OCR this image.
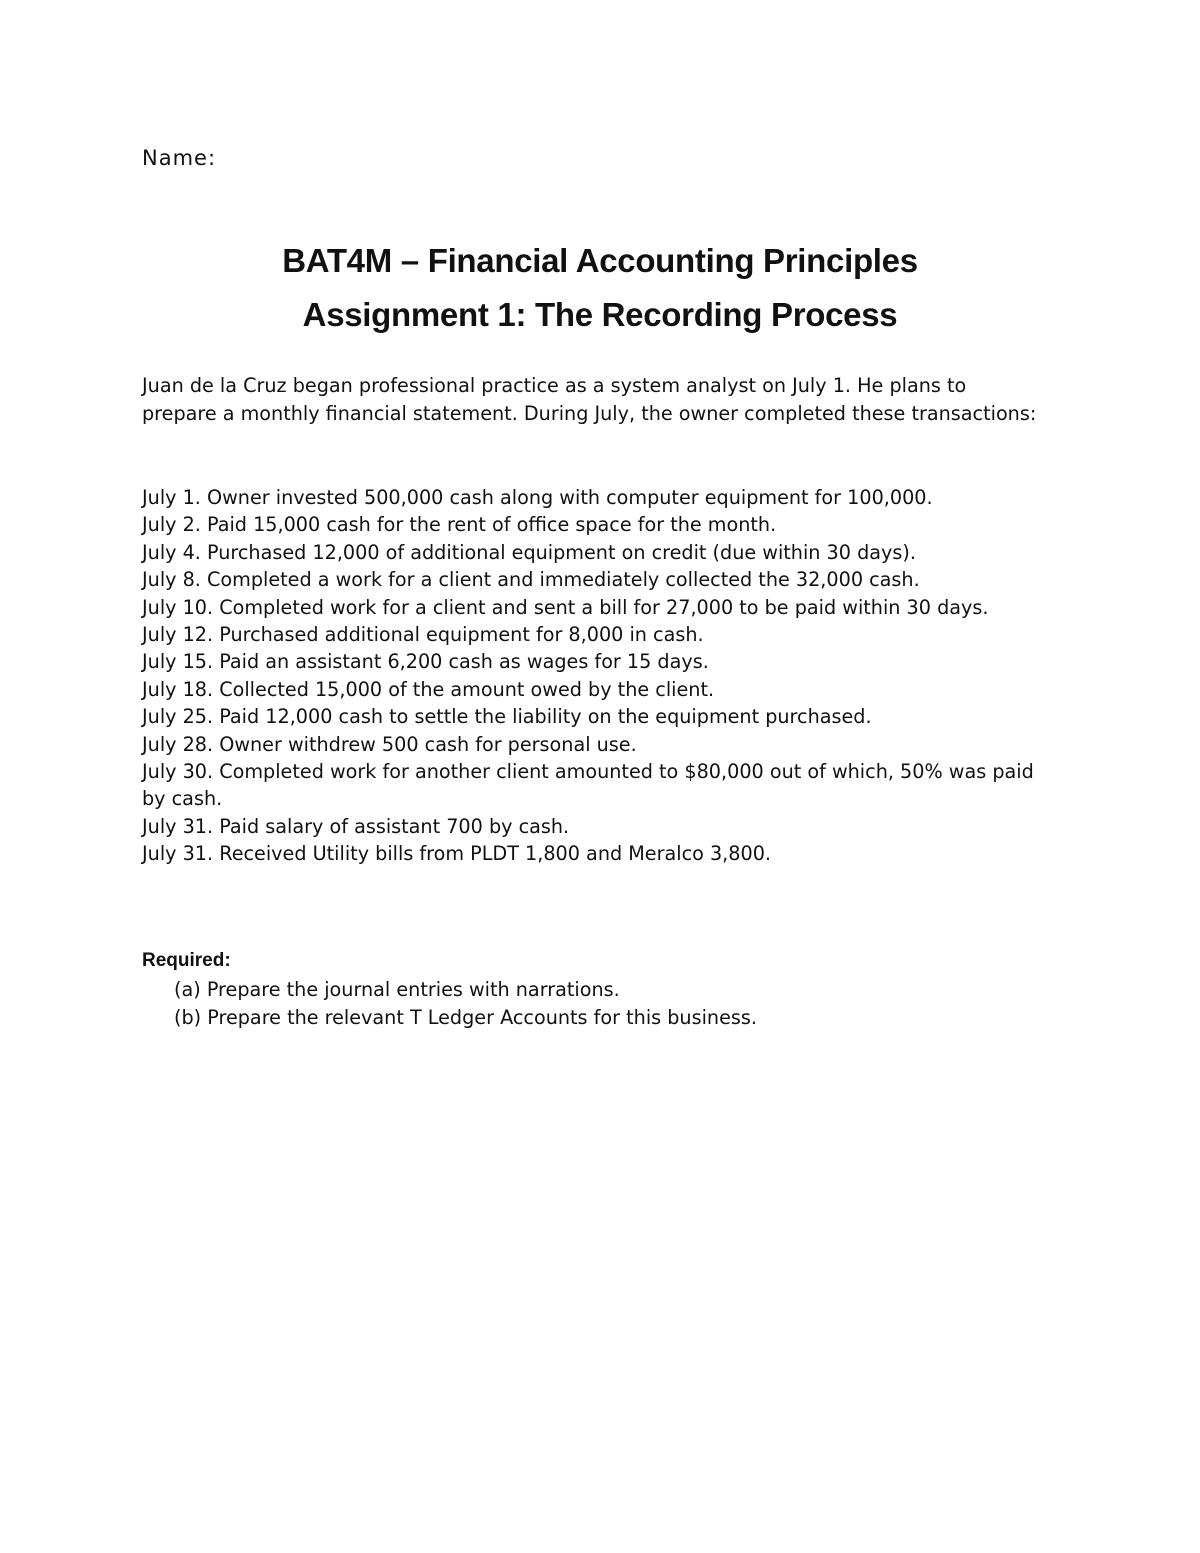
Name:
BAT4M – Financial Accounting Principles
Assignment 1: The Recording Process
Juan de la Cruz began professional practice as a system analyst on July 1. He plans to prepare a monthly financial statement. During July, the owner completed these transactions:
July 1. Owner invested 500,000 cash along with computer equipment for 100,000.
July 2. Paid 15,000 cash for the rent of office space for the month.
July 4. Purchased 12,000 of additional equipment on credit (due within 30 days).
July 8. Completed a work for a client and immediately collected the 32,000 cash.
July 10. Completed work for a client and sent a bill for 27,000 to be paid within 30 days.
July 12. Purchased additional equipment for 8,000 in cash.
July 15. Paid an assistant 6,200 cash as wages for 15 days.
July 18. Collected 15,000 of the amount owed by the client.
July 25. Paid 12,000 cash to settle the liability on the equipment purchased.
July 28. Owner withdrew 500 cash for personal use.
July 30. Completed work for another client amounted to $80,000 out of which, 50% was paid by cash.
July 31. Paid salary of assistant 700 by cash.
July 31. Received Utility bills from PLDT 1,800 and Meralco 3,800.
Required:
(a) Prepare the journal entries with narrations.
(b) Prepare the relevant T Ledger Accounts for this business.
